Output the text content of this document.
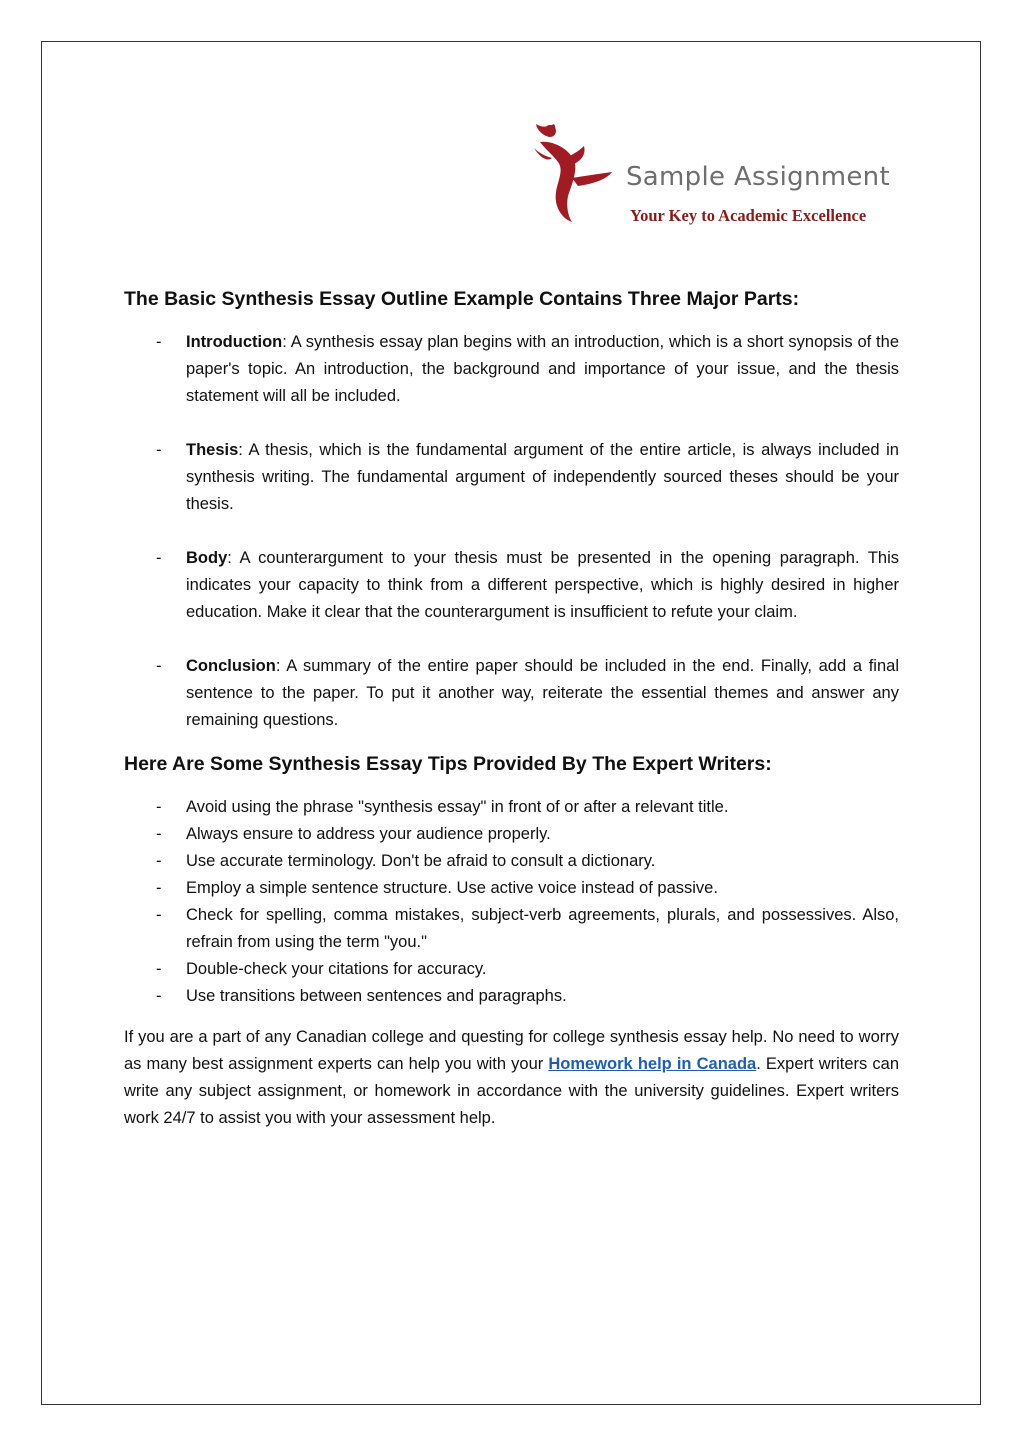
Sample Assignment
Your Key to Academic Excellence
The Basic Synthesis Essay Outline Example Contains Three Major Parts:
- Introduction: A synthesis essay plan begins with an introduction, which is a short synopsis of the paper's topic. An introduction, the background and importance of your issue, and the thesis statement will all be included.
- Thesis: A thesis, which is the fundamental argument of the entire article, is always included in synthesis writing. The fundamental argument of independently sourced theses should be your thesis.
- Body: A counterargument to your thesis must be presented in the opening paragraph. This indicates your capacity to think from a different perspective, which is highly desired in higher education. Make it clear that the counterargument is insufficient to refute your claim.
- Conclusion: A summary of the entire paper should be included in the end. Finally, add a final sentence to the paper. To put it another way, reiterate the essential themes and answer any remaining questions.
Here Are Some Synthesis Essay Tips Provided By The Expert Writers:
- Avoid using the phrase "synthesis essay" in front of or after a relevant title.
- Always ensure to address your audience properly.
- Use accurate terminology. Don't be afraid to consult a dictionary.
- Employ a simple sentence structure. Use active voice instead of passive.
- Check for spelling, comma mistakes, subject-verb agreements, plurals, and possessives. Also, refrain from using the term "you."
- Double-check your citations for accuracy.
- Use transitions between sentences and paragraphs.

If you are a part of any Canadian college and questing for college synthesis essay help. No need to worry as many best assignment experts can help you with your Homework help in Canada. Expert writers can write any subject assignment, or homework in accordance with the university guidelines. Expert writers work 24/7 to assist you with your assessment help.
